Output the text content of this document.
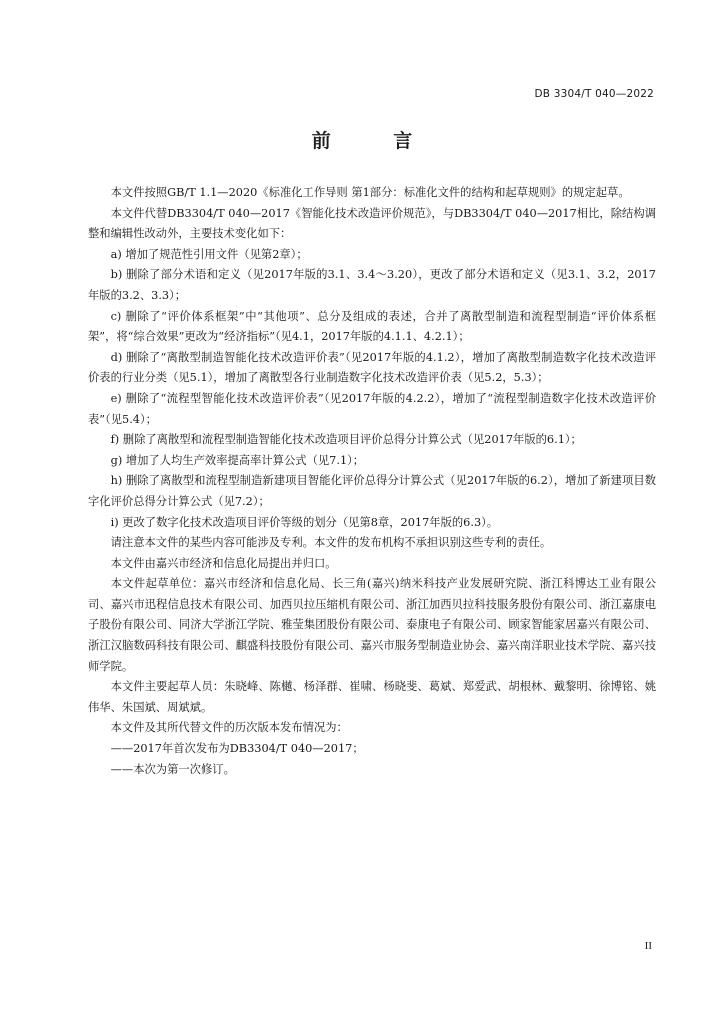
DB 3304/T 040—2022
前 言

本文件按照GB/T 1.1—2020《标准化工作导则 第1部分：标准化文件的结构和起草规则》的规定起草。

本文件代替DB3304/T 040—2017《智能化技术改造评价规范》，与DB3304/T 040—2017相比，除结构调整和编辑性改动外，主要技术变化如下：

a) 增加了规范性引用文件（见第2章）；

b) 删除了部分术语和定义（见2017年版的3.1、3.4～3.20），更改了部分术语和定义（见3.1、3.2，2017年版的3.2、3.3）；

c) 删除了“评价体系框架”中“其他项”、总分及组成的表述，合并了离散型制造和流程型制造“评价体系框架”，将“综合效果”更改为“经济指标”（见4.1，2017年版的4.1.1、4.2.1）；

d) 删除了“离散型制造智能化技术改造评价表”（见2017年版的4.1.2），增加了离散型制造数字化技术改造评价表的行业分类（见5.1），增加了离散型各行业制造数字化技术改造评价表（见5.2，5.3）；

e) 删除了“流程型智能化技术改造评价表”（见2017年版的4.2.2），增加了“流程型制造数字化技术改造评价表”（见5.4）；

f) 删除了离散型和流程型制造智能化技术改造项目评价总得分计算公式（见2017年版的6.1）；

g) 增加了人均生产效率提高率计算公式（见7.1）；

h) 删除了离散型和流程型制造新建项目智能化评价总得分计算公式（见2017年版的6.2），增加了新建项目数字化评价总得分计算公式（见7.2）；

i) 更改了数字化技术改造项目评价等级的划分（见第8章，2017年版的6.3）。

请注意本文件的某些内容可能涉及专利。本文件的发布机构不承担识别这些专利的责任。

本文件由嘉兴市经济和信息化局提出并归口。

本文件起草单位：嘉兴市经济和信息化局、长三角(嘉兴)纳米科技产业发展研究院、浙江科博达工业有限公司、嘉兴市迅程信息技术有限公司、加西贝拉压缩机有限公司、浙江加西贝拉科技服务股份有限公司、浙江嘉康电子股份有限公司、同济大学浙江学院、雅莹集团股份有限公司、泰康电子有限公司、顾家智能家居嘉兴有限公司、浙江汉脑数码科技有限公司、麒盛科技股份有限公司、嘉兴市服务型制造业协会、嘉兴南洋职业技术学院、嘉兴技师学院。

本文件主要起草人员：朱晓峰、陈樾、杨泽群、崔啸、杨晓斐、葛斌、郑爱武、胡根林、戴黎明、徐博铭、姚伟华、朱国斌、周斌斌。

本文件及其所代替文件的历次版本发布情况为：

——2017年首次发布为DB3304/T 040—2017；

——本次为第一次修订。

II
